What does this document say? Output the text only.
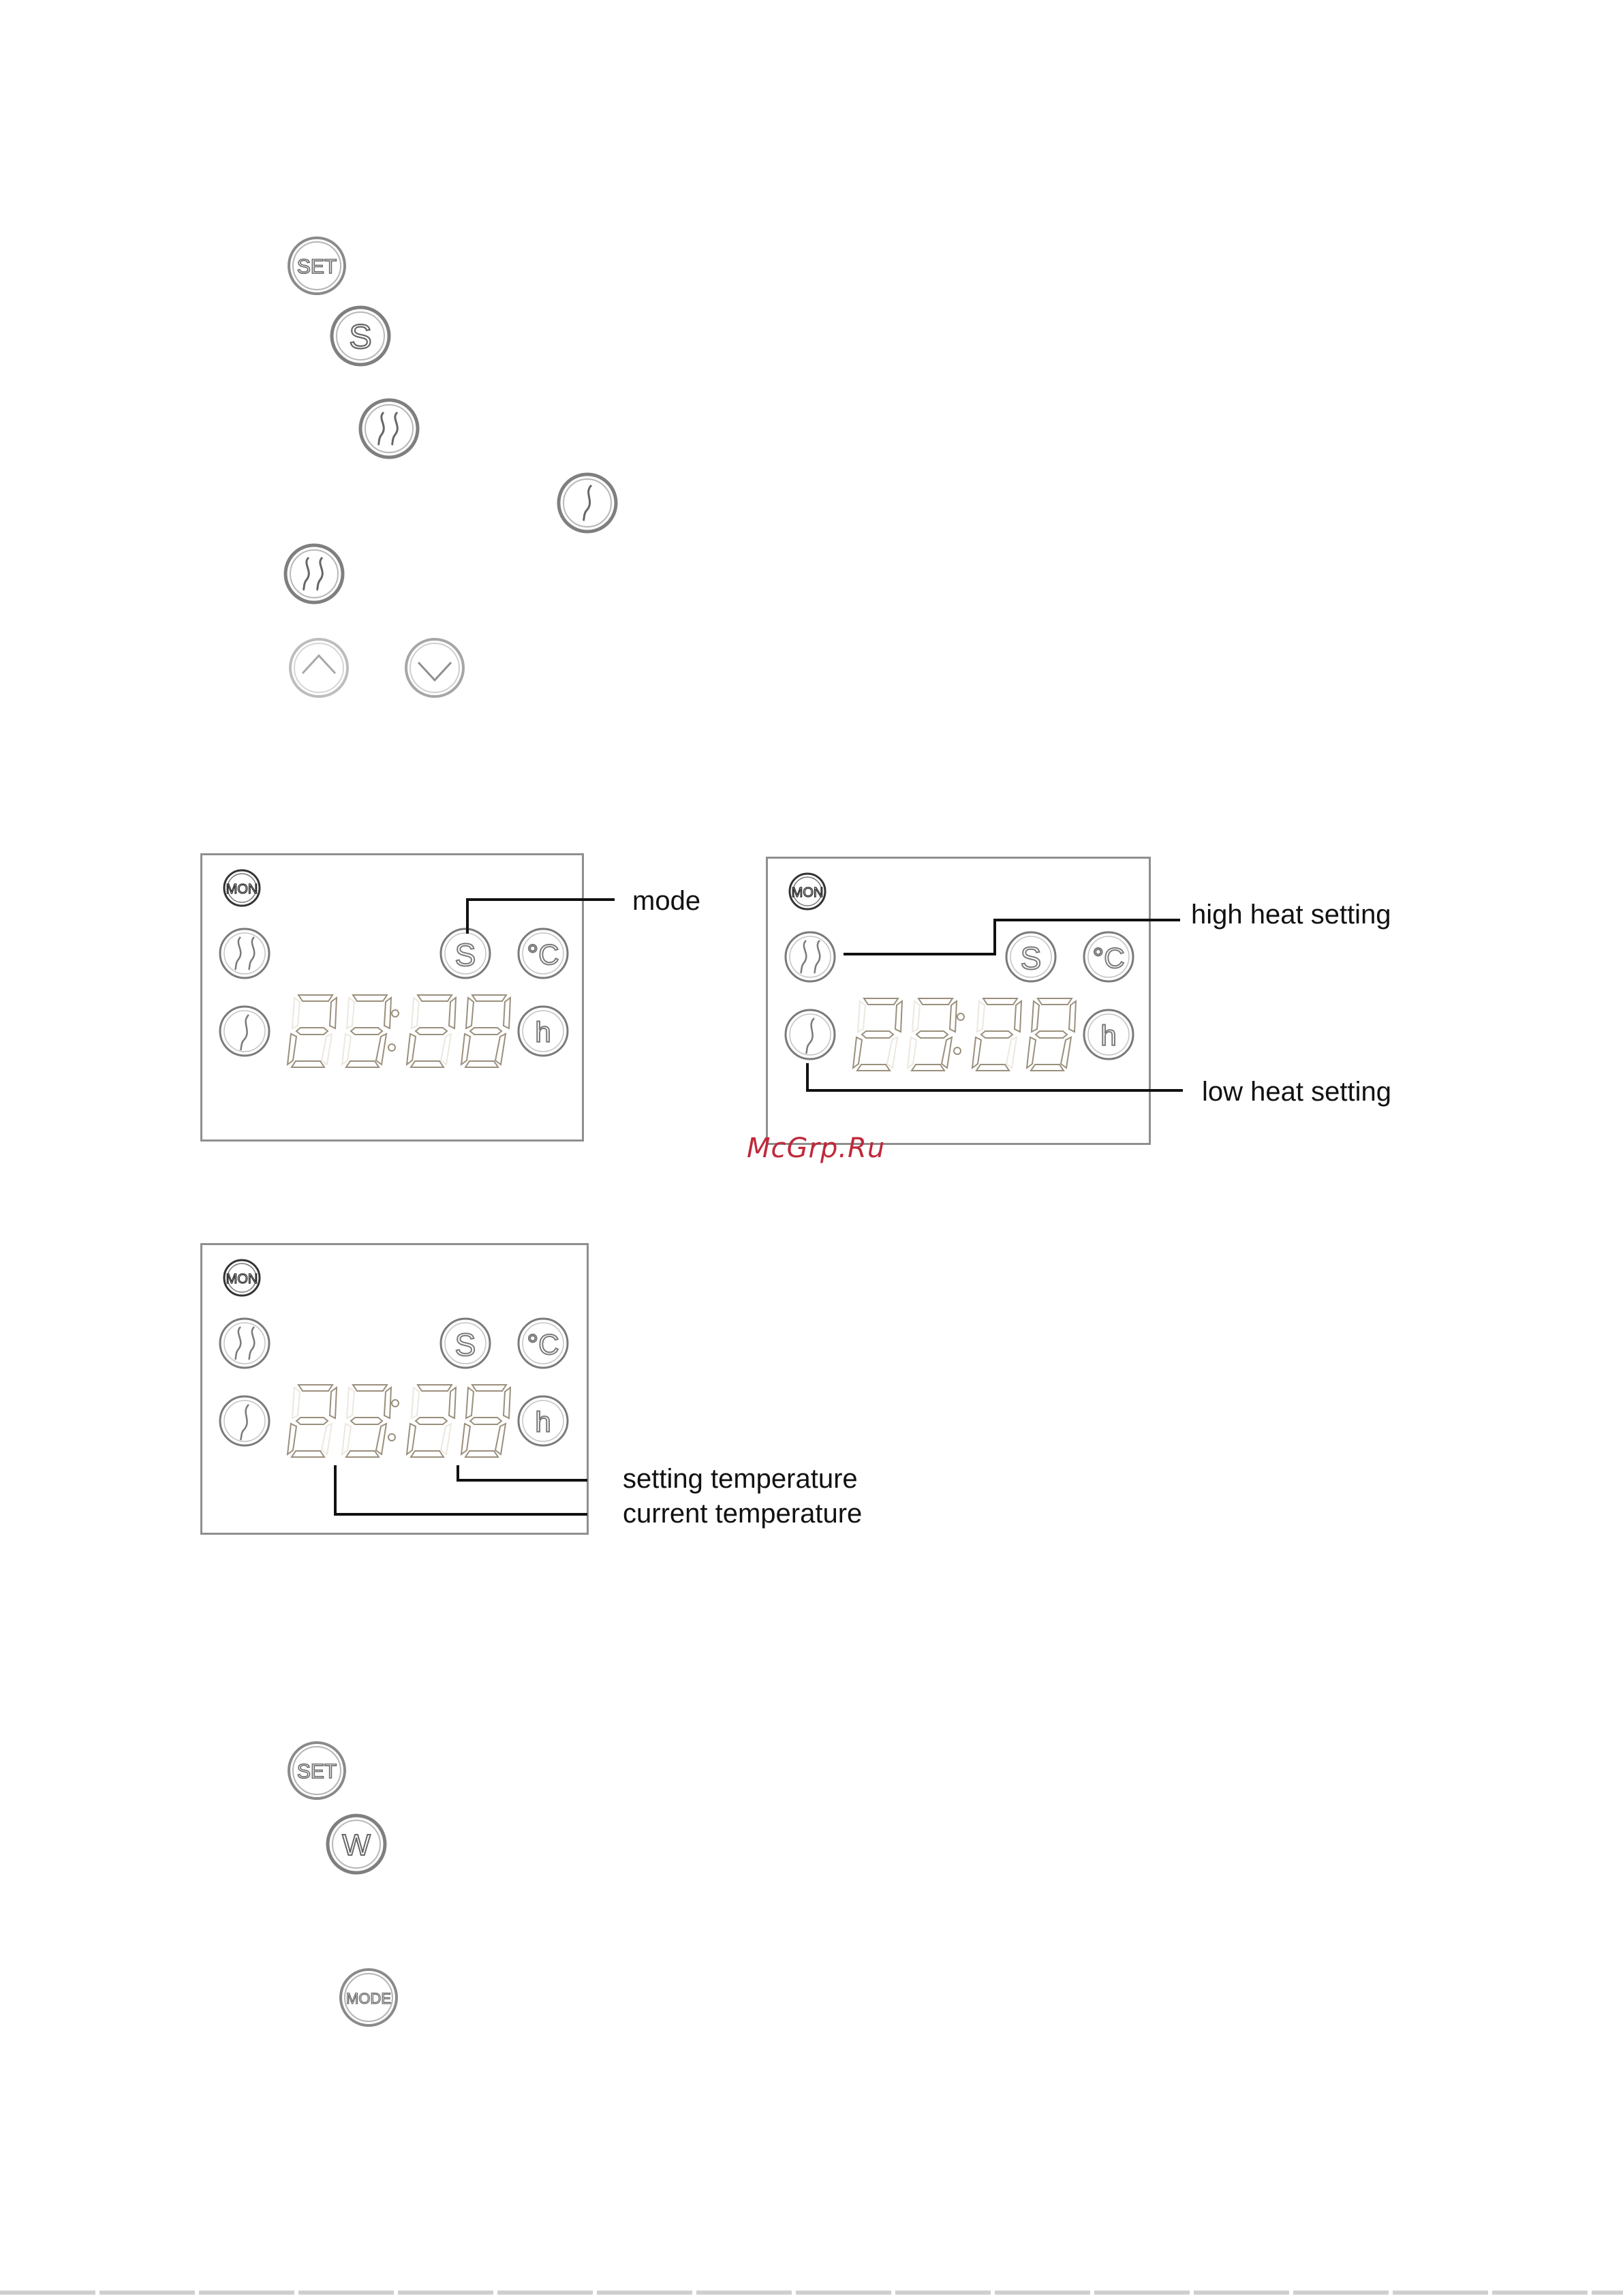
SET
S
MON
S °C
h
MON
S °C
h
MON
S °C
h
mode	high heat setting
low heat setting
setting temperature
current temperature
McGrp.Ru
SET
W
MODE
